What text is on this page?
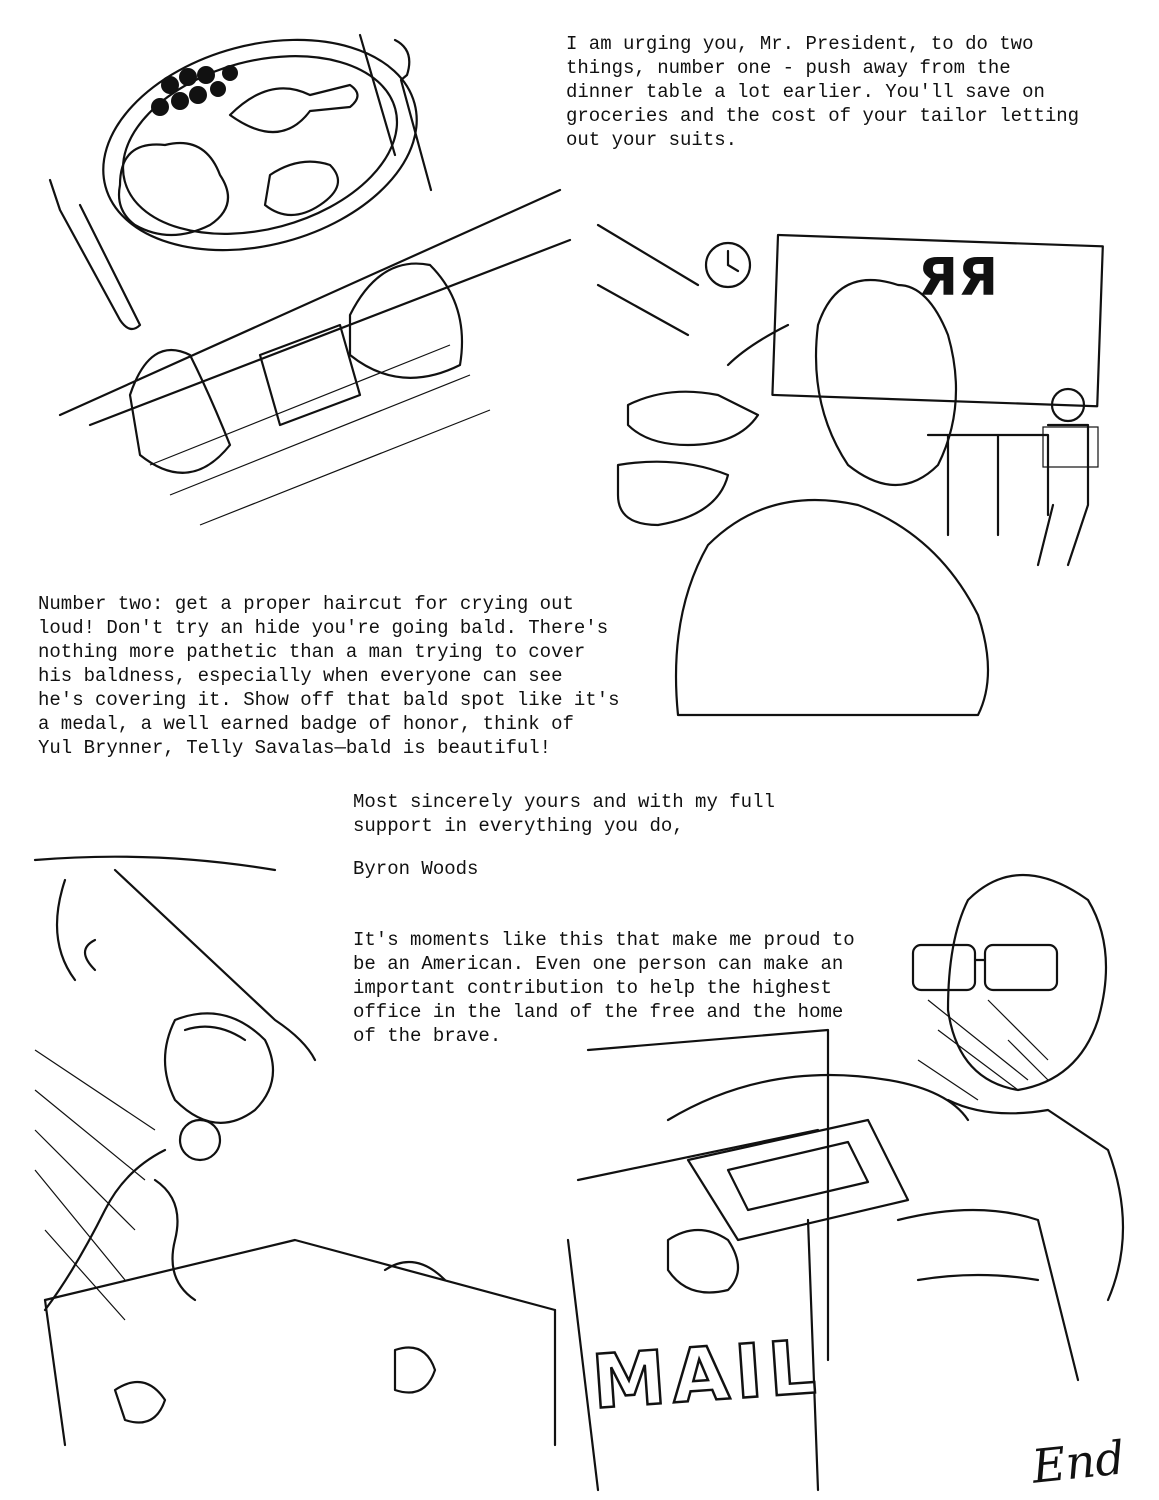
ЯЯ
MAIL
End

I am urging you, Mr. President, to do two
things, number one - push away from the
dinner table a lot earlier. You'll save on
groceries and the cost of your tailor letting
out your suits.

Number two: get a proper haircut for crying out
loud! Don't try an hide you're going bald. There's
nothing more pathetic than a man trying to cover
his baldness, especially when everyone can see
he's covering it. Show off that bald spot like it's
a medal, a well earned badge of honor, think of
Yul Brynner, Telly Savalas—bald is beautiful!

Most sincerely yours and with my full
support in everything you do,

Byron Woods

It's moments like this that make me proud to
be an American. Even one person can make an
important contribution to help the highest
office in the land of the free and the home
of the brave.
